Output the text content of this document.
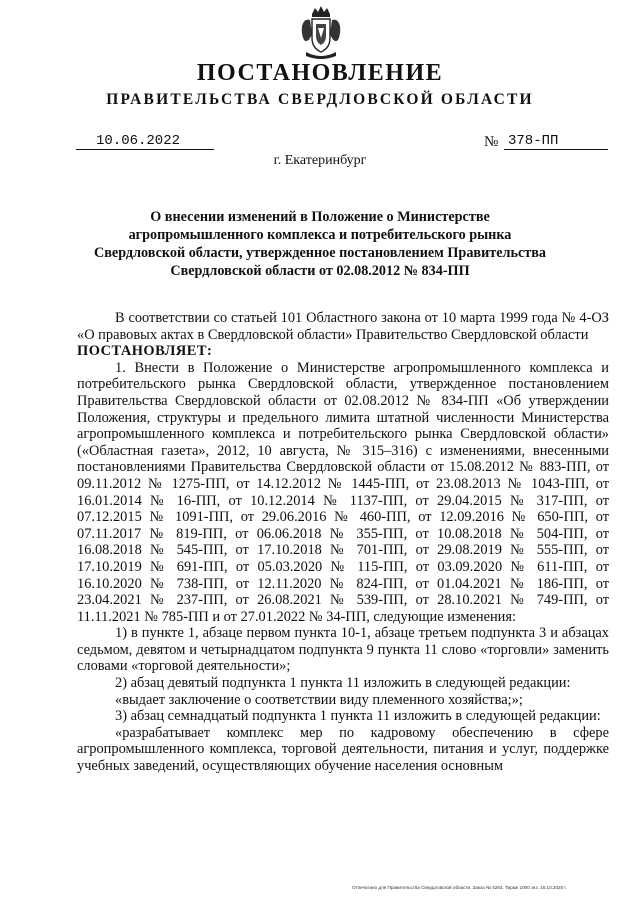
ПОСТАНОВЛЕНИЕ
ПРАВИТЕЛЬСТВА СВЕРДЛОВСКОЙ ОБЛАСТИ
10.06.2022	№ 378-ПП
г. Екатеринбург
О внесении изменений в Положение о Министерстве
агропромышленного комплекса и потребительского рынка
Свердловской области, утвержденное постановлением Правительства
Свердловской области от 02.08.2012 № 834-ПП

В соответствии со статьей 101 Областного закона от 10 марта 1999 года № 4-ОЗ «О правовых актах в Свердловской области» Правительство Свердловской области

ПОСТАНОВЛЯЕТ:

1. Внести в Положение о Министерстве агропромышленного комплекса и потребительского рынка Свердловской области, утвержденное постановлением Правительства Свердловской области от 02.08.2012 № 834-ПП «Об утверждении Положения, структуры и предельного лимита штатной численности Министерства агропромышленного комплекса и потребительского рынка Свердловской области» («Областная газета», 2012, 10 августа, № 315–316) с изменениями, внесенными постановлениями Правительства Свердловской области от 15.08.2012 № 883-ПП, от 09.11.2012 № 1275-ПП, от 14.12.2012 № 1445-ПП, от 23.08.2013 № 1043-ПП, от 16.01.2014 № 16-ПП, от 10.12.2014 № 1137-ПП, от 29.04.2015 № 317-ПП, от 07.12.2015 № 1091-ПП, от 29.06.2016 № 460-ПП, от 12.09.2016 № 650-ПП, от 07.11.2017 № 819-ПП, от 06.06.2018 № 355-ПП, от 10.08.2018 № 504-ПП, от 16.08.2018 № 545-ПП, от 17.10.2018 № 701-ПП, от 29.08.2019 № 555-ПП, от 17.10.2019 № 691-ПП, от 05.03.2020 № 115-ПП, от 03.09.2020 № 611-ПП, от 16.10.2020 № 738-ПП, от 12.11.2020 № 824-ПП, от 01.04.2021 № 186-ПП, от 23.04.2021 № 237-ПП, от 26.08.2021 № 539-ПП, от 28.10.2021 № 749-ПП, от 11.11.2021 № 785-ПП и от 27.01.2022 № 34-ПП, следующие изменения:

1) в пункте 1, абзаце первом пункта 10-1, абзаце третьем подпункта 3 и абзацах седьмом, девятом и четырнадцатом подпункта 9 пункта 11 слово «торговли» заменить словами «торговой деятельности»;

2) абзац девятый подпункта 1 пункта 11 изложить в следующей редакции:

«выдает заключение о соответствии виду племенного хозяйства;»;

3) абзац семнадцатый подпункта 1 пункта 11 изложить в следующей редакции:

«разрабатывает комплекс мер по кадровому обеспечению в сфере агропромышленного комплекса, торговой деятельности, питания и услуг, поддержке учебных заведений, осуществляющих обучение населения основным

Отпечатано для Правительства Свердловской области. Заказ № 4293. Тираж 1000 экз. 16.10.2020 г.
